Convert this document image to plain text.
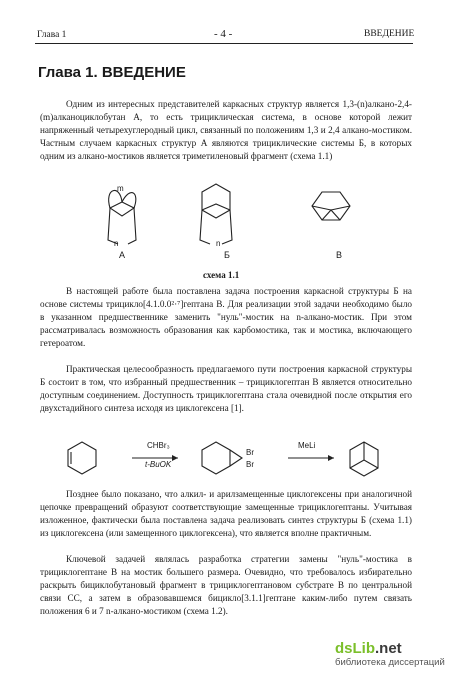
Глава 1	- 4 -	ВВЕДЕНИЕ
Глава 1. ВВЕДЕНИЕ
Одним из интересных представителей каркасных структур является 1,3-(n)алкано-2,4-(m)алканоциклобутан А, то есть трициклическая система, в основе которой лежит напряженный четырехуглеродный цикл, связанный по положениям 1,3 и 2,4 алкано-мостиком. Частным случаем каркасных структур А являются трициклические системы Б, в которых одним из алкано-мостиков является триметиленовый фрагмент (схема 1.1)
m
n	n
А	Б	В
схема 1.1
В настоящей работе была поставлена задача построения каркасной структуры Б на основе системы трицикло[4.1.0.0²·⁷]гептана В. Для реализации этой задачи необходимо было в указанном предшественнике заменить "нуль"-мостик на n-алкано-мостик. При этом рассматривалась возможность образования как карбомостика, так и мостика, включающего гетероатом.
Практическая целесообразность предлагаемого пути построения каркасной структуры Б состоит в том, что избранный предшественник – трициклогептан В является относительно доступным соединением. Доступность трициклогептана стала очевидной после открытия его двухстадийного синтеза исходя из циклогексена [1].
CHBr₃
t-BuOK
Br
Br
MeLi
Позднее было показано, что алкил- и арилзамещенные циклогексены при аналогичной цепочке превращений образуют соответствующие замещенные трициклогептаны. Учитывая изложенное, фактически была поставлена задача реализовать синтез структуры Б (схема 1.1) из циклогексена (или замещенного циклогексена), что является вполне практичным.
Ключевой задачей являлась разработка стратегии замены "нуль"-мостика в трициклогептане В на мостик большего размера. Очевидно, что требовалось избирательно раскрыть бициклобутановый фрагмент в трициклогептановом субстрате В по центральной связи СС, а затем в образовавшемся бицикло[3.1.1]гептане каким-либо путем связать положения 6 и 7 n-алкано-мостиком (схема 1.2).
dsLib.net
библиотека диссертаций
